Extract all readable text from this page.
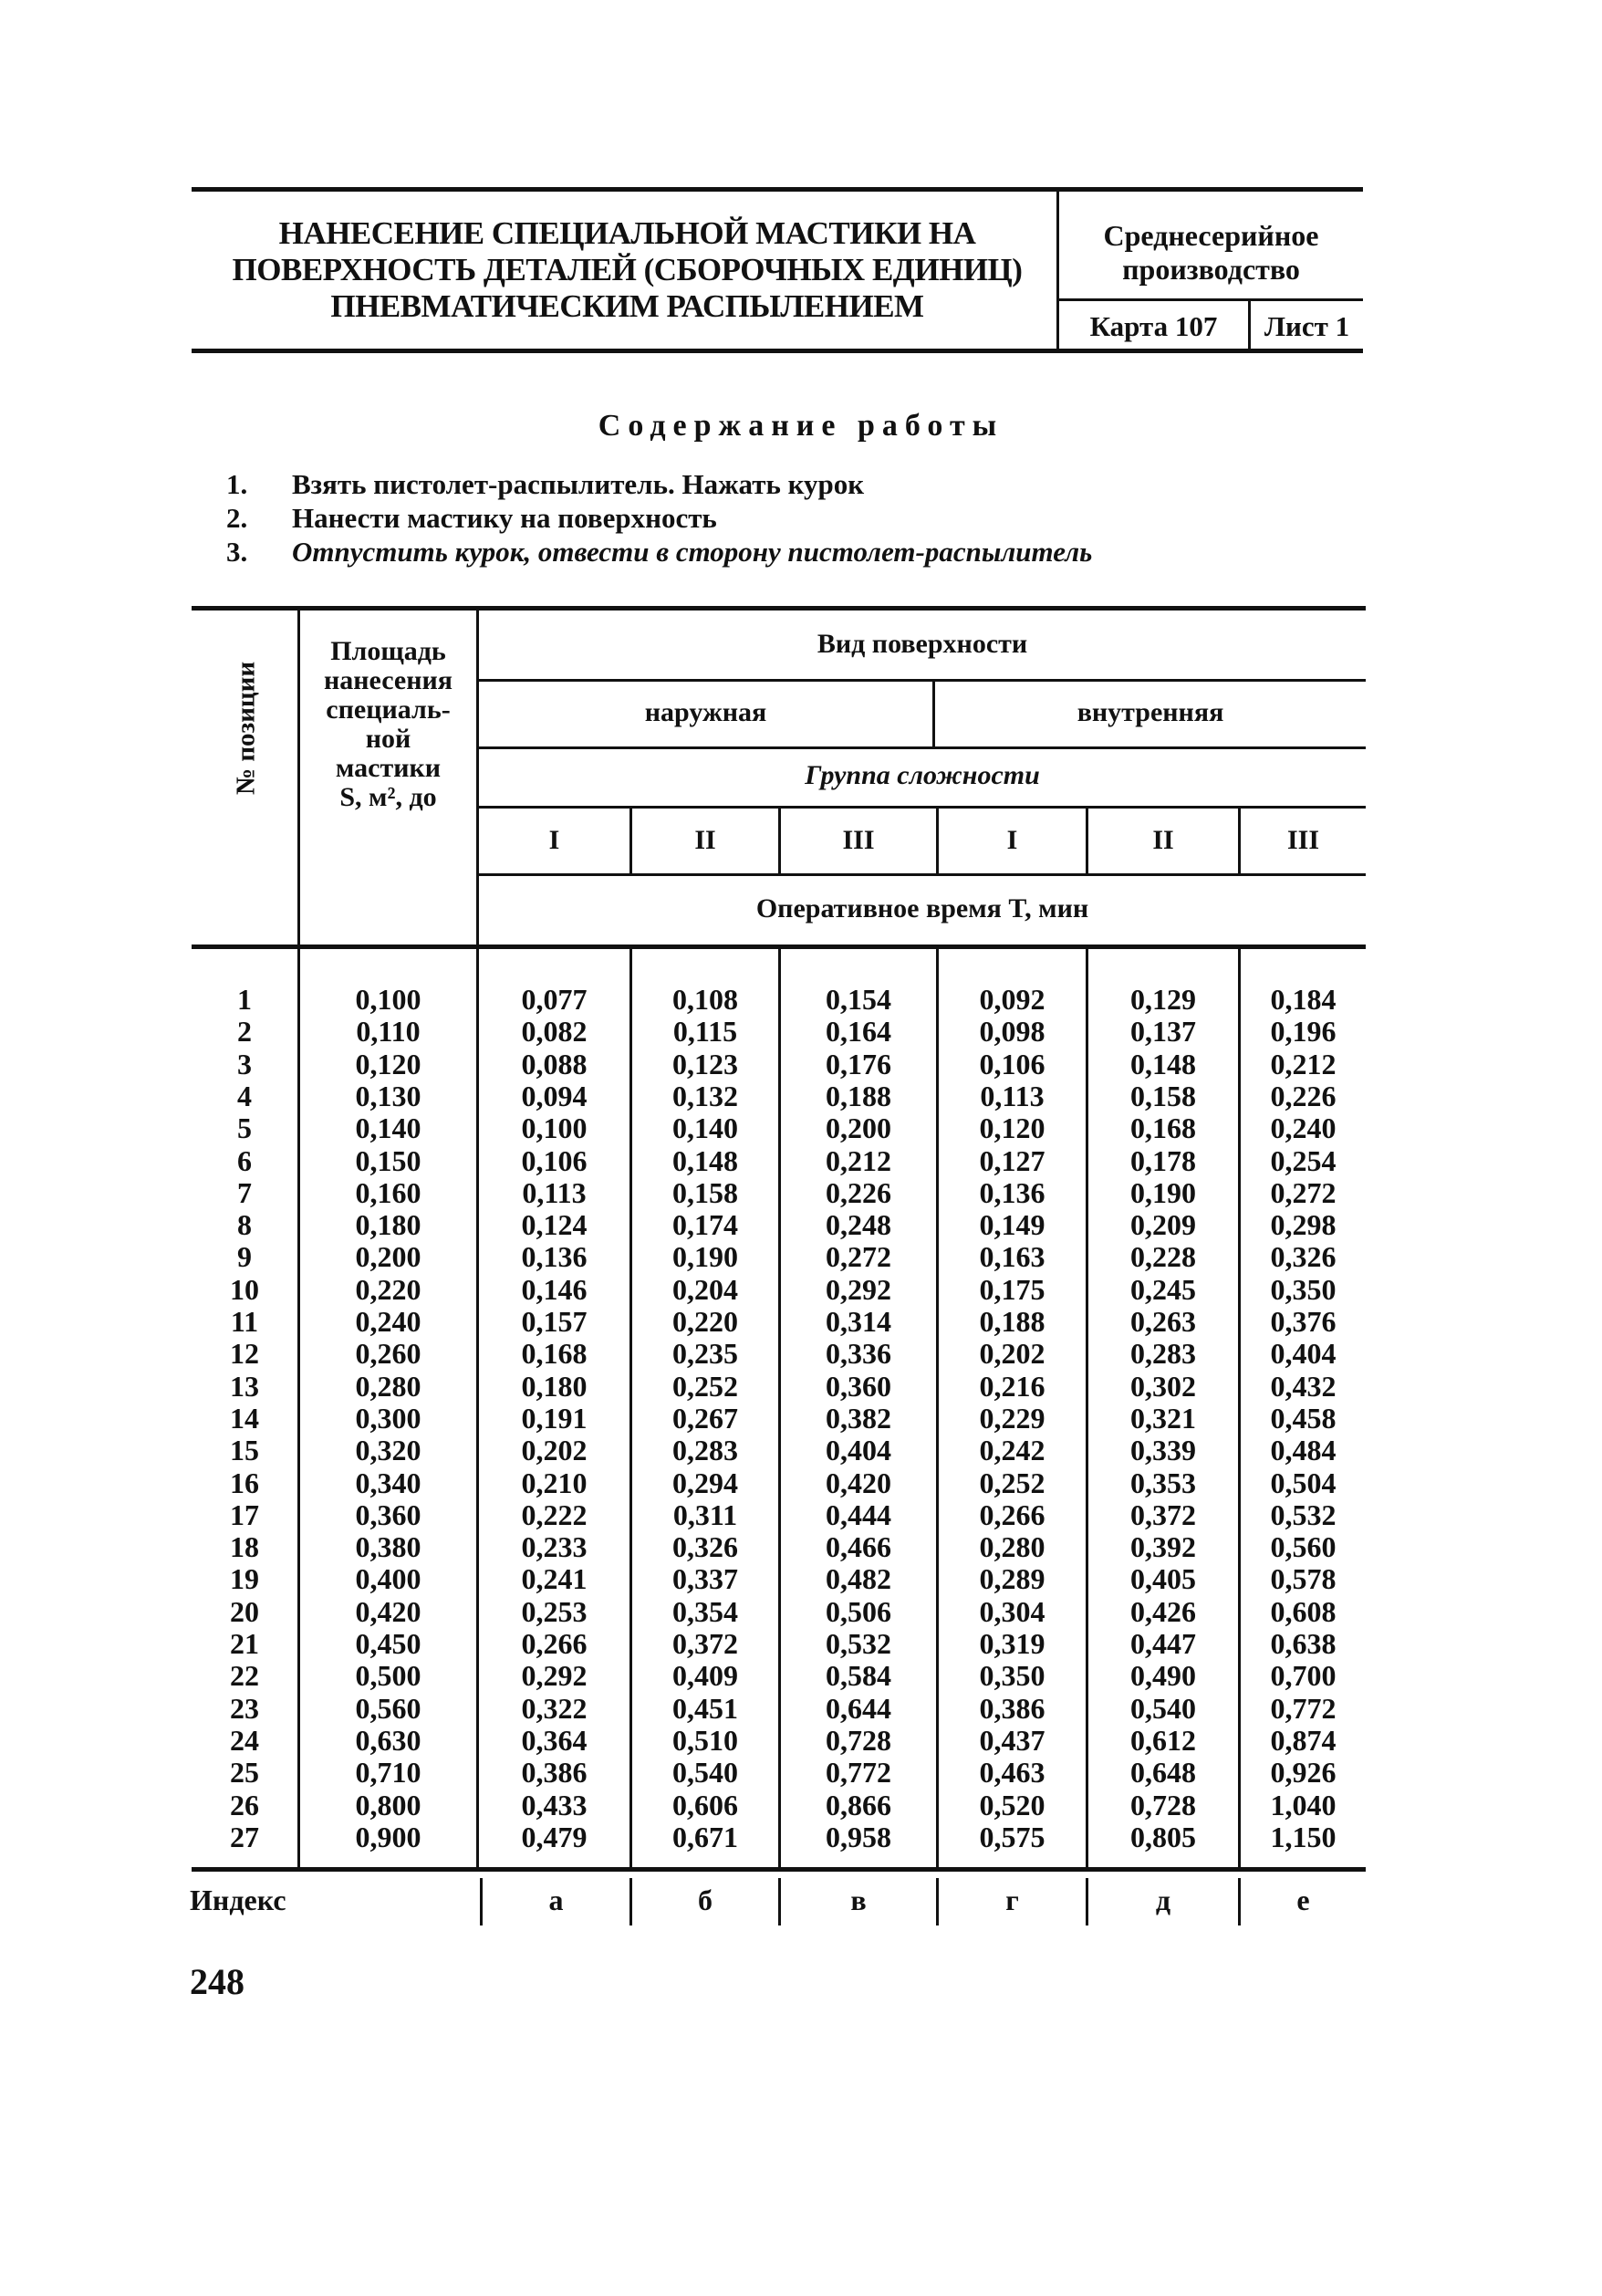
НАНЕСЕНИЕ СПЕЦИАЛЬНОЙ МАСТИКИ НА
ПОВЕРХНОСТЬ ДЕТАЛЕЙ (СБОРОЧНЫХ ЕДИНИЦ)
ПНЕВМАТИЧЕСКИМ РАСПЫЛЕНИЕМ
Среднесерийное
производство
Карта 107	Лист 1
Содержание работы
1. Взять пистолет-распылитель. Нажать курок
2. Нанести мастику на поверхность
3. Отпустить курок, отвести в сторону пистолет-распылитель
№ позиции
Площадь
нанесения
специаль-
ной
мастики
S, м², до
Вид поверхности
наружная	внутренняя
Группа сложности
I	II	III	I	II	III
Оперативное время T, мин
1	0,100	0,077	0,108	0,154	0,092	0,129	0,184
2	0,110	0,082	0,115	0,164	0,098	0,137	0,196
3	0,120	0,088	0,123	0,176	0,106	0,148	0,212
4	0,130	0,094	0,132	0,188	0,113	0,158	0,226
5	0,140	0,100	0,140	0,200	0,120	0,168	0,240
6	0,150	0,106	0,148	0,212	0,127	0,178	0,254
7	0,160	0,113	0,158	0,226	0,136	0,190	0,272
8	0,180	0,124	0,174	0,248	0,149	0,209	0,298
9	0,200	0,136	0,190	0,272	0,163	0,228	0,326
10	0,220	0,146	0,204	0,292	0,175	0,245	0,350
11	0,240	0,157	0,220	0,314	0,188	0,263	0,376
12	0,260	0,168	0,235	0,336	0,202	0,283	0,404
13	0,280	0,180	0,252	0,360	0,216	0,302	0,432
14	0,300	0,191	0,267	0,382	0,229	0,321	0,458
15	0,320	0,202	0,283	0,404	0,242	0,339	0,484
16	0,340	0,210	0,294	0,420	0,252	0,353	0,504
17	0,360	0,222	0,311	0,444	0,266	0,372	0,532
18	0,380	0,233	0,326	0,466	0,280	0,392	0,560
19	0,400	0,241	0,337	0,482	0,289	0,405	0,578
20	0,420	0,253	0,354	0,506	0,304	0,426	0,608
21	0,450	0,266	0,372	0,532	0,319	0,447	0,638
22	0,500	0,292	0,409	0,584	0,350	0,490	0,700
23	0,560	0,322	0,451	0,644	0,386	0,540	0,772
24	0,630	0,364	0,510	0,728	0,437	0,612	0,874
25	0,710	0,386	0,540	0,772	0,463	0,648	0,926
26	0,800	0,433	0,606	0,866	0,520	0,728	1,040
27	0,900	0,479	0,671	0,958	0,575	0,805	1,150
Индекс	а	б	в	г	д	е
248
